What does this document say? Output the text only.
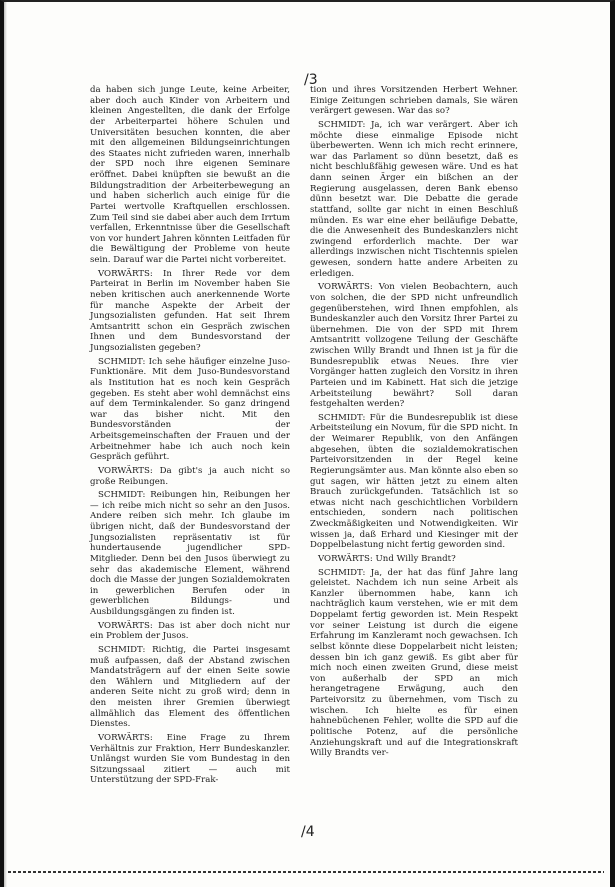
/3

da haben sich junge Leute, keine Arbeiter, aber doch auch Kinder von Arbeitern und kleinen Angestellten, die dank der Erfolge der Arbeiterpartei höhere Schulen und Universitäten besuchen konnten, die aber mit den allgemeinen Bildungseinrichtungen des Staates nicht zufrieden waren, innerhalb der SPD noch ihre eigenen Seminare eröffnet. Dabei knüpften sie bewußt an die Bildungstradition der Arbeiterbewegung an und haben sicherlich auch einige für die Partei wertvolle Kraftquellen erschlossen. Zum Teil sind sie dabei aber auch dem Irrtum verfallen, Erkenntnisse über die Gesellschaft von vor hundert Jahren könnten Leitfaden für die Bewältigung der Probleme von heute sein. Darauf war die Partei nicht vorbereitet.

VORWÄRTS: In Ihrer Rede vor dem Parteirat in Berlin im November haben Sie neben kritischen auch anerkennende Worte für manche Aspekte der Arbeit der Jungsozialisten gefunden. Hat seit Ihrem Amtsantritt schon ein Gespräch zwischen Ihnen und dem Bundesvorstand der Jungsozialisten gegeben?

SCHMIDT: Ich sehe häufiger einzelne Juso-Funktionäre. Mit dem Juso-Bundesvorstand als Institution hat es noch kein Gespräch gegeben. Es steht aber wohl demnächst eins auf dem Terminkalender. So ganz dringend war das bisher nicht. Mit den Bundesvorständen der Arbeitsgemeinschaften der Frauen und der Arbeitnehmer habe ich auch noch kein Gespräch geführt.

VORWÄRTS: Da gibt's ja auch nicht so große Reibungen.

SCHMIDT: Reibungen hin, Reibungen her — ich reibe mich nicht so sehr an den Jusos. Andere reiben sich mehr. Ich glaube im übrigen nicht, daß der Bundesvorstand der Jungsozialisten repräsentativ ist für hundertausende jugendlicher SPD-Mitglieder. Denn bei den Jusos überwiegt zu sehr das akademische Element, während doch die Masse der jungen Sozialdemokraten in gewerblichen Berufen oder in gewerblichen Bildungs- und Ausbildungsgängen zu finden ist.

VORWÄRTS: Das ist aber doch nicht nur ein Problem der Jusos.

SCHMIDT: Richtig, die Partei insgesamt muß aufpassen, daß der Abstand zwischen Mandatsträgern auf der einen Seite sowie den Wählern und Mitgliedern auf der anderen Seite nicht zu groß wird; denn in den meisten ihrer Gremien überwiegt allmählich das Element des öffentlichen Dienstes.

VORWÄRTS: Eine Frage zu Ihrem Verhältnis zur Fraktion, Herr Bundeskanzler. Unlängst wurden Sie vom Bundestag in den Sitzungssaal zitiert — auch mit Unterstützung der SPD-Frak-

tion und ihres Vorsitzenden Herbert Wehner. Einige Zeitungen schrieben damals, Sie wären verärgert gewesen. War das so?

SCHMIDT: Ja, ich war verärgert. Aber ich möchte diese einmalige Episode nicht überbewerten. Wenn ich mich recht erinnere, war das Parlament so dünn besetzt, daß es nicht beschlußfähig gewesen wäre. Und es hat dann seinen Ärger ein bißchen an der Regierung ausgelassen, deren Bank ebenso dünn besetzt war. Die Debatte die gerade stattfand, sollte gar nicht in einen Beschluß münden. Es war eine eher beiläufige Debatte, die die Anwesenheit des Bundeskanzlers nicht zwingend erforderlich machte. Der war allerdings inzwischen nicht Tischtennis spielen gewesen, sondern hatte andere Arbeiten zu erledigen.

VORWÄRTS: Von vielen Beobachtern, auch von solchen, die der SPD nicht unfreundlich gegenüberstehen, wird Ihnen empfohlen, als Bundeskanzler auch den Vorsitz Ihrer Partei zu übernehmen. Die von der SPD mit Ihrem Amtsantritt vollzogene Teilung der Geschäfte zwischen Willy Brandt und Ihnen ist ja für die Bundesrepublik etwas Neues. Ihre vier Vorgänger hatten zugleich den Vorsitz in ihren Parteien und im Kabinett. Hat sich die jetzige Arbeitsteilung bewährt? Soll daran festgehalten werden?

SCHMIDT: Für die Bundesrepublik ist diese Arbeitsteilung ein Novum, für die SPD nicht. In der Weimarer Republik, von den Anfängen abgesehen, übten die sozialdemokratischen Parteivorsitzenden in der Regel keine Regierungsämter aus. Man könnte also eben so gut sagen, wir hätten jetzt zu einem alten Brauch zurückgefunden. Tatsächlich ist so etwas nicht nach geschichtlichen Vorbildern entschieden, sondern nach politischen Zweckmäßigkeiten und Notwendigkeiten. Wir wissen ja, daß Erhard und Kiesinger mit der Doppelbelastung nicht fertig geworden sind.

VORWÄRTS: Und Willy Brandt?

SCHMIDT: Ja, der hat das fünf Jahre lang geleistet. Nachdem ich nun seine Arbeit als Kanzler übernommen habe, kann ich nachträglich kaum verstehen, wie er mit dem Doppelamt fertig geworden ist. Mein Respekt vor seiner Leistung ist durch die eigene Erfahrung im Kanzleramt noch gewachsen. Ich selbst könnte diese Doppelarbeit nicht leisten; dessen bin ich ganz gewiß. Es gibt aber für mich noch einen zweiten Grund, diese meist von außerhalb der SPD an mich herangetragene Erwägung, auch den Parteivorsitz zu übernehmen, vom Tisch zu wischen. Ich hielte es für einen hahnebüchenen Fehler, wollte die SPD auf die politische Potenz, auf die persönliche Anziehungskraft und auf die Integrationskraft Willy Brandts ver-

/4
